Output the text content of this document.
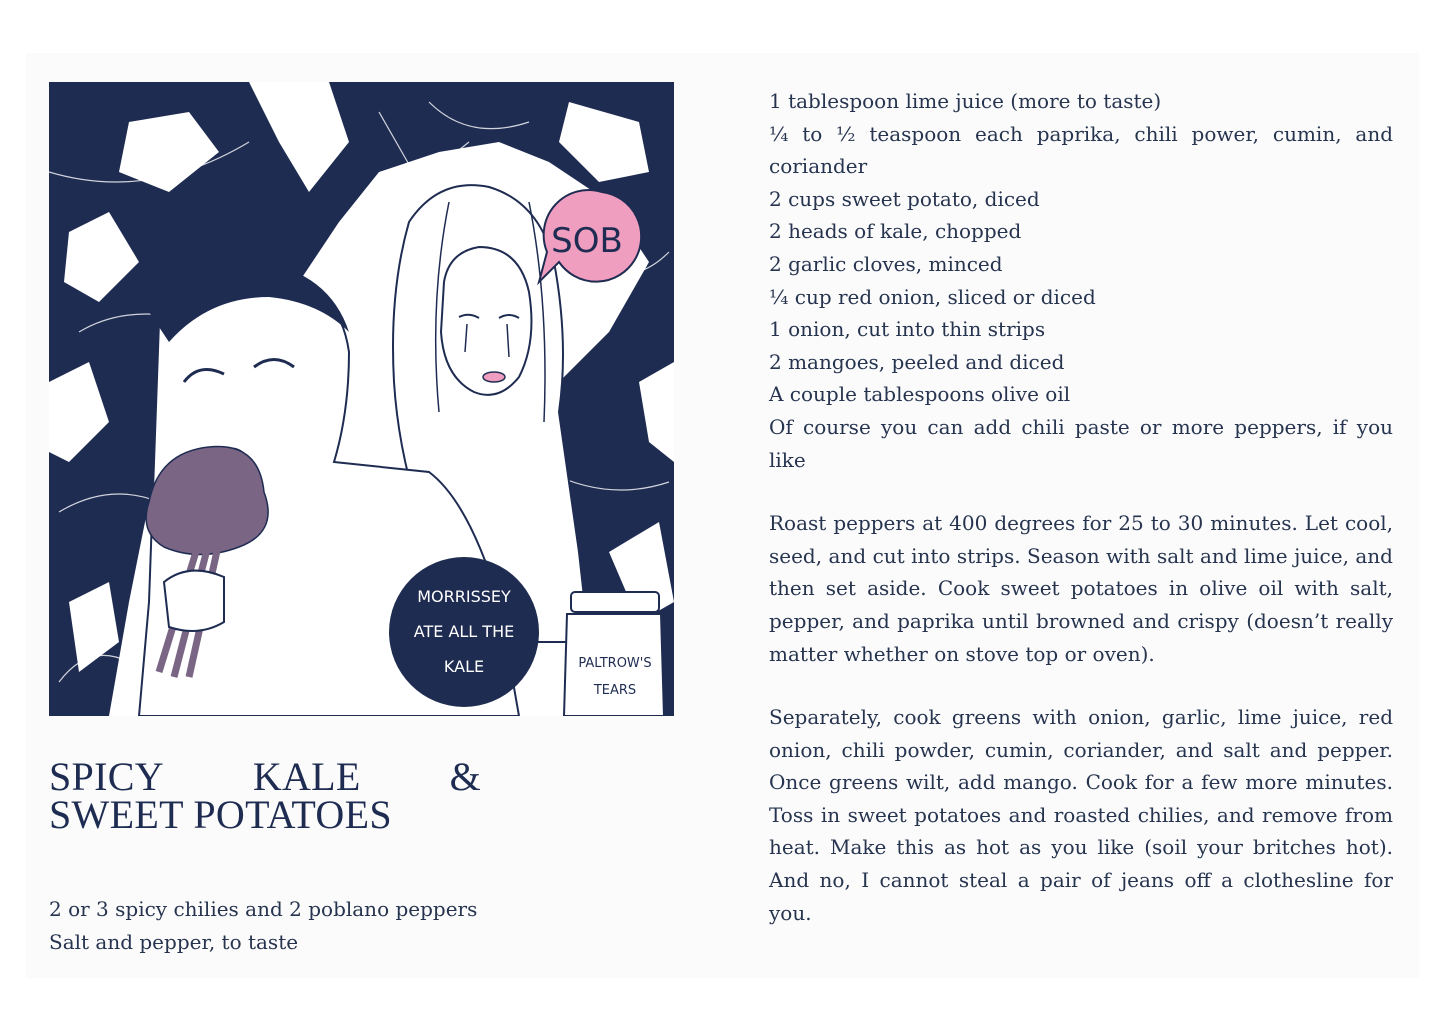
SOB
MORRISSEY
ATE ALL THE
KALE	PALTROW'S
TEARS
SPICY KALE &
SWEET POTATOES
2 or 3 spicy chilies and 2 poblano peppers
Salt and pepper, to taste
1 tablespoon lime juice (more to taste)
¼ to ½ teaspoon each paprika, chili power, cumin, and coriander
2 cups sweet potato, diced
2 heads of kale, chopped
2 garlic cloves, minced
¼ cup red onion, sliced or diced
1 onion, cut into thin strips
2 mangoes, peeled and diced
A couple tablespoons olive oil
Of course you can add chili paste or more peppers, if you like

Roast peppers at 400 degrees for 25 to 30 minutes. Let cool, seed, and cut into strips. Season with salt and lime juice, and then set aside. Cook sweet potatoes in olive oil with salt, pepper, and paprika until browned and crispy (doesn’t really matter whether on stove top or oven).

Separately, cook greens with onion, garlic, lime juice, red onion, chili powder, cumin, coriander, and salt and pepper. Once greens wilt, add mango. Cook for a few more minutes. Toss in sweet potatoes and roasted chilies, and remove from heat. Make this as hot as you like (soil your britches hot). And no, I cannot steal a pair of jeans off a clothesline for you.
